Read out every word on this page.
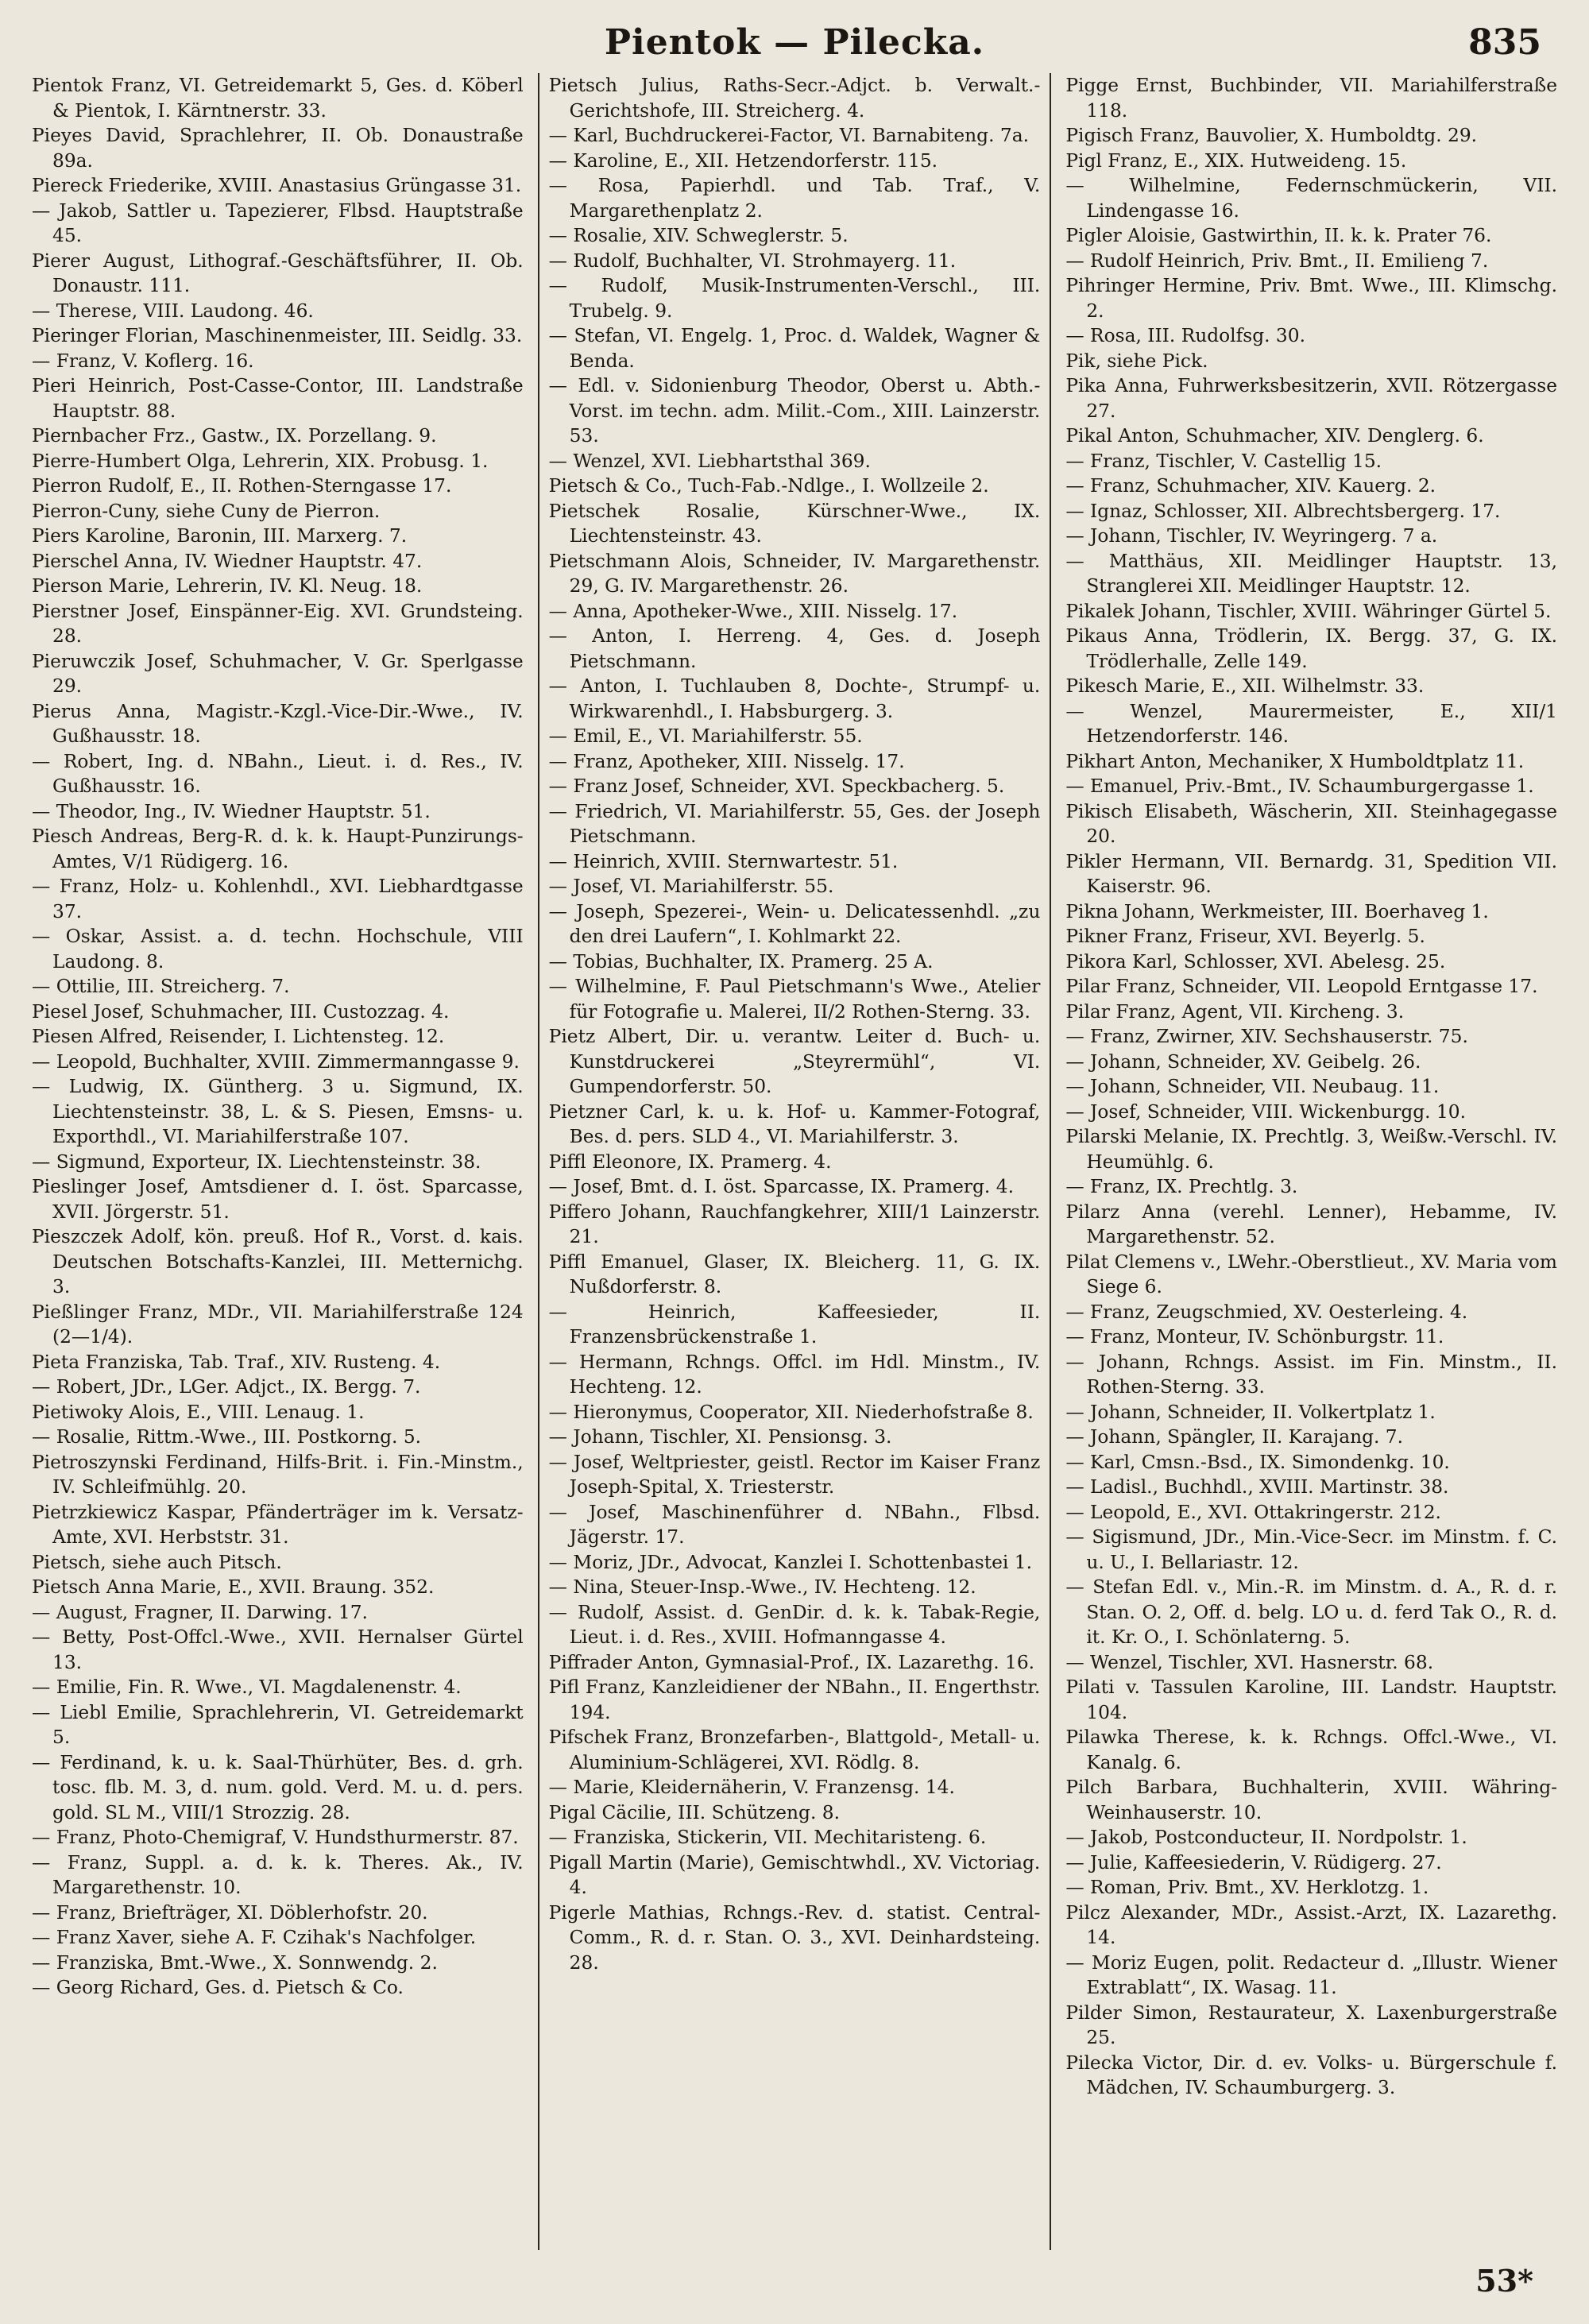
Pientok — Pilecka.	835

Pientok Franz, VI. Getreidemarkt 5, Ges. d. Köberl & Pientok, I. Kärntnerstr. 33.

Pieyes David, Sprachlehrer, II. Ob. Donaustraße 89a.

Piereck Friederike, XVIII. Anastasius Grüngasse 31.

— Jakob, Sattler u. Tapezierer, Flbsd. Hauptstraße 45.

Pierer August, Lithograf.-Geschäftsführer, II. Ob. Donaustr. 111.

— Therese, VIII. Laudong. 46.

Pieringer Florian, Maschinenmeister, III. Seidlg. 33.

— Franz, V. Koflerg. 16.

Pieri Heinrich, Post-Casse-Contor, III. Landstraße Hauptstr. 88.

Piernbacher Frz., Gastw., IX. Porzellang. 9.

Pierre-Humbert Olga, Lehrerin, XIX. Probusg. 1.

Pierron Rudolf, E., II. Rothen-Sterngasse 17.

Pierron-Cuny, siehe Cuny de Pierron.

Piers Karoline, Baronin, III. Marxerg. 7.

Pierschel Anna, IV. Wiedner Hauptstr. 47.

Pierson Marie, Lehrerin, IV. Kl. Neug. 18.

Pierstner Josef, Einspänner-Eig. XVI. Grundsteing. 28.

Pieruwczik Josef, Schuhmacher, V. Gr. Sperlgasse 29.

Pierus Anna, Magistr.-Kzgl.-Vice-Dir.-Wwe., IV. Gußhausstr. 18.

— Robert, Ing. d. NBahn., Lieut. i. d. Res., IV. Gußhausstr. 16.

— Theodor, Ing., IV. Wiedner Hauptstr. 51.

Piesch Andreas, Berg-R. d. k. k. Haupt-Punzirungs-Amtes, V/1 Rüdigerg. 16.

— Franz, Holz- u. Kohlenhdl., XVI. Liebhardtgasse 37.

— Oskar, Assist. a. d. techn. Hochschule, VIII Laudong. 8.

— Ottilie, III. Streicherg. 7.

Piesel Josef, Schuhmacher, III. Custozzag. 4.

Piesen Alfred, Reisender, I. Lichtensteg. 12.

— Leopold, Buchhalter, XVIII. Zimmermanngasse 9.

— Ludwig, IX. Güntherg. 3 u. Sigmund, IX. Liechtensteinstr. 38, L. & S. Piesen, Emsns- u. Exporthdl., VI. Mariahilferstraße 107.

— Sigmund, Exporteur, IX. Liechtensteinstr. 38.

Pieslinger Josef, Amtsdiener d. I. öst. Sparcasse, XVII. Jörgerstr. 51.

Pieszczek Adolf, kön. preuß. Hof R., Vorst. d. kais. Deutschen Botschafts-Kanzlei, III. Metternichg. 3.

Pießlinger Franz, MDr., VII. Mariahilferstraße 124 (2—1/4).

Pieta Franziska, Tab. Traf., XIV. Rusteng. 4.

— Robert, JDr., LGer. Adjct., IX. Bergg. 7.

Pietiwoky Alois, E., VIII. Lenaug. 1.

— Rosalie, Rittm.-Wwe., III. Postkorng. 5.

Pietroszynski Ferdinand, Hilfs-Brit. i. Fin.-Minstm., IV. Schleifmühlg. 20.

Pietrzkiewicz Kaspar, Pfänderträger im k. Versatz-Amte, XVI. Herbststr. 31.

Pietsch, siehe auch Pitsch.

Pietsch Anna Marie, E., XVII. Braung. 352.

— August, Fragner, II. Darwing. 17.

— Betty, Post-Offcl.-Wwe., XVII. Hernalser Gürtel 13.

— Emilie, Fin. R. Wwe., VI. Magdalenenstr. 4.

— Liebl Emilie, Sprachlehrerin, VI. Getreidemarkt 5.

— Ferdinand, k. u. k. Saal-Thürhüter, Bes. d. grh. tosc. flb. M. 3, d. num. gold. Verd. M. u. d. pers. gold. SL M., VIII/1 Strozzig. 28.

— Franz, Photo-Chemigraf, V. Hundsthurmerstr. 87.

— Franz, Suppl. a. d. k. k. Theres. Ak., IV. Margarethenstr. 10.

— Franz, Briefträger, XI. Döblerhofstr. 20.

— Franz Xaver, siehe A. F. Czihak's Nachfolger.

— Franziska, Bmt.-Wwe., X. Sonnwendg. 2.

— Georg Richard, Ges. d. Pietsch & Co.

Pietsch Julius, Raths-Secr.-Adjct. b. Verwalt.-Gerichtshofe, III. Streicherg. 4.

— Karl, Buchdruckerei-Factor, VI. Barnabiteng. 7a.

— Karoline, E., XII. Hetzendorferstr. 115.

— Rosa, Papierhdl. und Tab. Traf., V. Margarethenplatz 2.

— Rosalie, XIV. Schweglerstr. 5.

— Rudolf, Buchhalter, VI. Strohmayerg. 11.

— Rudolf, Musik-Instrumenten-Verschl., III. Trubelg. 9.

— Stefan, VI. Engelg. 1, Proc. d. Waldek, Wagner & Benda.

— Edl. v. Sidonienburg Theodor, Oberst u. Abth.-Vorst. im techn. adm. Milit.-Com., XIII. Lainzerstr. 53.

— Wenzel, XVI. Liebhartsthal 369.

Pietsch & Co., Tuch-Fab.-Ndlge., I. Wollzeile 2.

Pietschek Rosalie, Kürschner-Wwe., IX. Liechtensteinstr. 43.

Pietschmann Alois, Schneider, IV. Margarethenstr. 29, G. IV. Margarethenstr. 26.

— Anna, Apotheker-Wwe., XIII. Nisselg. 17.

— Anton, I. Herreng. 4, Ges. d. Joseph Pietschmann.

— Anton, I. Tuchlauben 8, Dochte-, Strumpf- u. Wirkwarenhdl., I. Habsburgerg. 3.

— Emil, E., VI. Mariahilferstr. 55.

— Franz, Apotheker, XIII. Nisselg. 17.

— Franz Josef, Schneider, XVI. Speckbacherg. 5.

— Friedrich, VI. Mariahilferstr. 55, Ges. der Joseph Pietschmann.

— Heinrich, XVIII. Sternwartestr. 51.

— Josef, VI. Mariahilferstr. 55.

— Joseph, Spezerei-, Wein- u. Delicatessenhdl. „zu den drei Laufern“, I. Kohlmarkt 22.

— Tobias, Buchhalter, IX. Pramerg. 25 A.

— Wilhelmine, F. Paul Pietschmann's Wwe., Atelier für Fotografie u. Malerei, II/2 Rothen-Sterng. 33.

Pietz Albert, Dir. u. verantw. Leiter d. Buch- u. Kunstdruckerei „Steyrermühl“, VI. Gumpendorferstr. 50.

Pietzner Carl, k. u. k. Hof- u. Kammer-Fotograf, Bes. d. pers. SLD 4., VI. Mariahilferstr. 3.

Piffl Eleonore, IX. Pramerg. 4.

— Josef, Bmt. d. I. öst. Sparcasse, IX. Pramerg. 4.

Piffero Johann, Rauchfangkehrer, XIII/1 Lainzerstr. 21.

Piffl Emanuel, Glaser, IX. Bleicherg. 11, G. IX. Nußdorferstr. 8.

— Heinrich, Kaffeesieder, II. Franzensbrückenstraße 1.

— Hermann, Rchngs. Offcl. im Hdl. Minstm., IV. Hechteng. 12.

— Hieronymus, Cooperator, XII. Niederhofstraße 8.

— Johann, Tischler, XI. Pensionsg. 3.

— Josef, Weltpriester, geistl. Rector im Kaiser Franz Joseph-Spital, X. Triesterstr.

— Josef, Maschinenführer d. NBahn., Flbsd. Jägerstr. 17.

— Moriz, JDr., Advocat, Kanzlei I. Schottenbastei 1.

— Nina, Steuer-Insp.-Wwe., IV. Hechteng. 12.

— Rudolf, Assist. d. GenDir. d. k. k. Tabak-Regie, Lieut. i. d. Res., XVIII. Hofmanngasse 4.

Piffrader Anton, Gymnasial-Prof., IX. Lazarethg. 16.

Pifl Franz, Kanzleidiener der NBahn., II. Engerthstr. 194.

Pifschek Franz, Bronzefarben-, Blattgold-, Metall- u. Aluminium-Schlägerei, XVI. Rödlg. 8.

— Marie, Kleidernäherin, V. Franzensg. 14.

Pigal Cäcilie, III. Schützeng. 8.

— Franziska, Stickerin, VII. Mechitaristeng. 6.

Pigall Martin (Marie), Gemischtwhdl., XV. Victoriag. 4.

Pigerle Mathias, Rchngs.-Rev. d. statist. Central-Comm., R. d. r. Stan. O. 3., XVI. Deinhardsteing. 28.

Pigge Ernst, Buchbinder, VII. Mariahilferstraße 118.

Pigisch Franz, Bauvolier, X. Humboldtg. 29.

Pigl Franz, E., XIX. Hutweideng. 15.

— Wilhelmine, Federnschmückerin, VII. Lindengasse 16.

Pigler Aloisie, Gastwirthin, II. k. k. Prater 76.

— Rudolf Heinrich, Priv. Bmt., II. Emilieng 7.

Pihringer Hermine, Priv. Bmt. Wwe., III. Klimschg. 2.

— Rosa, III. Rudolfsg. 30.

Pik, siehe Pick.

Pika Anna, Fuhrwerksbesitzerin, XVII. Rötzergasse 27.

Pikal Anton, Schuhmacher, XIV. Denglerg. 6.

— Franz, Tischler, V. Castellig 15.

— Franz, Schuhmacher, XIV. Kauerg. 2.

— Ignaz, Schlosser, XII. Albrechtsbergerg. 17.

— Johann, Tischler, IV. Weyringerg. 7 a.

— Matthäus, XII. Meidlinger Hauptstr. 13, Stranglerei XII. Meidlinger Hauptstr. 12.

Pikalek Johann, Tischler, XVIII. Währinger Gürtel 5.

Pikaus Anna, Trödlerin, IX. Bergg. 37, G. IX. Trödlerhalle, Zelle 149.

Pikesch Marie, E., XII. Wilhelmstr. 33.

— Wenzel, Maurermeister, E., XII/1 Hetzendorferstr. 146.

Pikhart Anton, Mechaniker, X Humboldtplatz 11.

— Emanuel, Priv.-Bmt., IV. Schaumburgergasse 1.

Pikisch Elisabeth, Wäscherin, XII. Steinhagegasse 20.

Pikler Hermann, VII. Bernardg. 31, Spedition VII. Kaiserstr. 96.

Pikna Johann, Werkmeister, III. Boerhaveg 1.

Pikner Franz, Friseur, XVI. Beyerlg. 5.

Pikora Karl, Schlosser, XVI. Abelesg. 25.

Pilar Franz, Schneider, VII. Leopold Erntgasse 17.

Pilar Franz, Agent, VII. Kircheng. 3.

— Franz, Zwirner, XIV. Sechshauserstr. 75.

— Johann, Schneider, XV. Geibelg. 26.

— Johann, Schneider, VII. Neubaug. 11.

— Josef, Schneider, VIII. Wickenburgg. 10.

Pilarski Melanie, IX. Prechtlg. 3, Weißw.-Verschl. IV. Heumühlg. 6.

— Franz, IX. Prechtlg. 3.

Pilarz Anna (verehl. Lenner), Hebamme, IV. Margarethenstr. 52.

Pilat Clemens v., LWehr.-Oberstlieut., XV. Maria vom Siege 6.

— Franz, Zeugschmied, XV. Oesterleing. 4.

— Franz, Monteur, IV. Schönburgstr. 11.

— Johann, Rchngs. Assist. im Fin. Minstm., II. Rothen-Sterng. 33.

— Johann, Schneider, II. Volkertplatz 1.

— Johann, Spängler, II. Karajang. 7.

— Karl, Cmsn.-Bsd., IX. Simondenkg. 10.

— Ladisl., Buchhdl., XVIII. Martinstr. 38.

— Leopold, E., XVI. Ottakringerstr. 212.

— Sigismund, JDr., Min.-Vice-Secr. im Minstm. f. C. u. U., I. Bellariastr. 12.

— Stefan Edl. v., Min.-R. im Minstm. d. A., R. d. r. Stan. O. 2, Off. d. belg. LO u. d. ferd Tak O., R. d. it. Kr. O., I. Schönlaterng. 5.

— Wenzel, Tischler, XVI. Hasnerstr. 68.

Pilati v. Tassulen Karoline, III. Landstr. Hauptstr. 104.

Pilawka Therese, k. k. Rchngs. Offcl.-Wwe., VI. Kanalg. 6.

Pilch Barbara, Buchhalterin, XVIII. Währing-Weinhauserstr. 10.

— Jakob, Postconducteur, II. Nordpolstr. 1.

— Julie, Kaffeesiederin, V. Rüdigerg. 27.

— Roman, Priv. Bmt., XV. Herklotzg. 1.

Pilcz Alexander, MDr., Assist.-Arzt, IX. Lazarethg. 14.

— Moriz Eugen, polit. Redacteur d. „Illustr. Wiener Extrablatt“, IX. Wasag. 11.

Pilder Simon, Restaurateur, X. Laxenburgerstraße 25.

Pilecka Victor, Dir. d. ev. Volks- u. Bürgerschule f. Mädchen, IV. Schaumburgerg. 3.

53*
